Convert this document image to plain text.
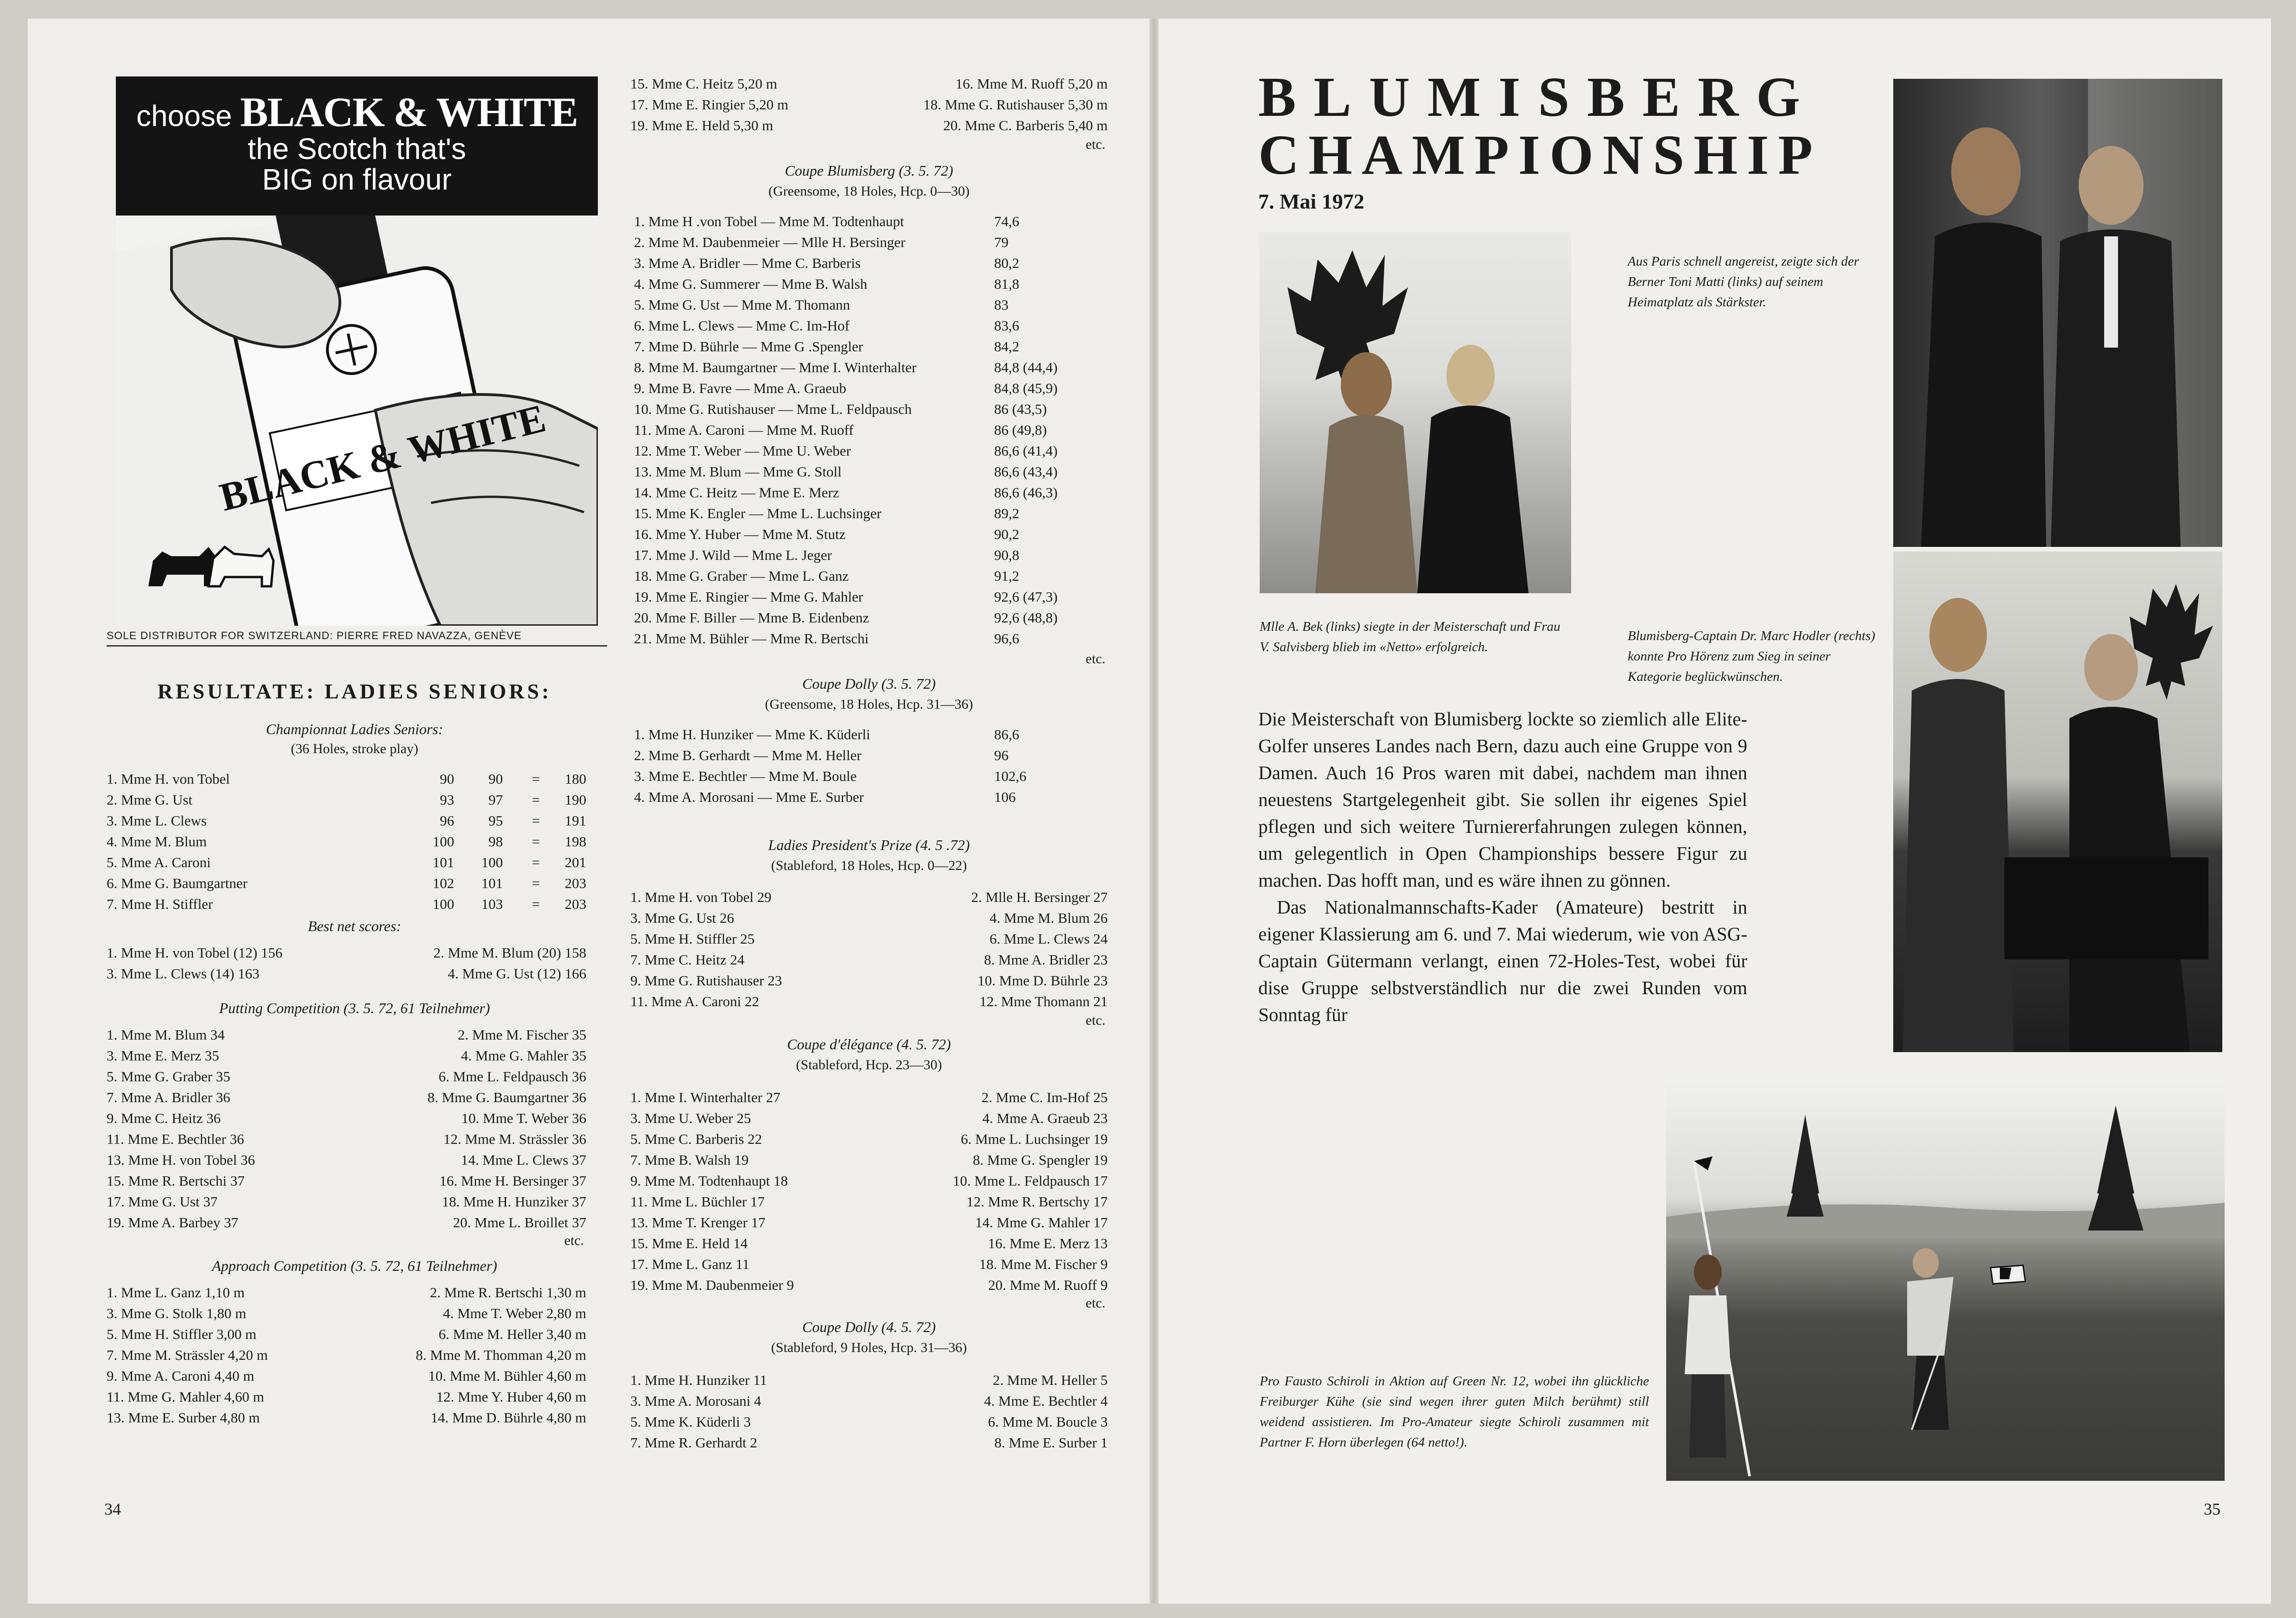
choose BLACK & WHITE
the Scotch that's
BIG on flavour
BLACK & WHITE
SOLE DISTRIBUTOR FOR SWITZERLAND: PIERRE FRED NAVAZZA, GENÈVE
RESULTATE: LADIES SENIORS:
Championnat Ladies Seniors:
(36 Holes, stroke play)
1. Mme H. von Tobel	90 90 = 180
2. Mme G. Ust	93 97 = 190
3. Mme L. Clews	96 95 = 191
4. Mme M. Blum	100 98 = 198
5. Mme A. Caroni	101 100 = 201
6. Mme G. Baumgartner	102 101 = 203
7. Mme H. Stiffler	100 103 = 203
Best net scores:
1. Mme H. von Tobel (12) 156	2. Mme M. Blum (20) 158
3. Mme L. Clews (14) 163	4. Mme G. Ust (12) 166
Putting Competition (3. 5. 72, 61 Teilnehmer)
1. Mme M. Blum 34	2. Mme M. Fischer 35
3. Mme E. Merz 35	4. Mme G. Mahler 35
5. Mme G. Graber 35	6. Mme L. Feldpausch 36
7. Mme A. Bridler 36	8. Mme G. Baumgartner 36
9. Mme C. Heitz 36	10. Mme T. Weber 36
11. Mme E. Bechtler 36	12. Mme M. Strässler 36
13. Mme H. von Tobel 36	14. Mme L. Clews 37
15. Mme R. Bertschi 37	16. Mme H. Bersinger 37
17. Mme G. Ust 37	18. Mme H. Hunziker 37
19. Mme A. Barbey 37	20. Mme L. Broillet 37
etc.
Approach Competition (3. 5. 72, 61 Teilnehmer)
1. Mme L. Ganz 1,10 m	2. Mme R. Bertschi 1,30 m
3. Mme G. Stolk 1,80 m	4. Mme T. Weber 2,80 m
5. Mme H. Stiffler 3,00 m	6. Mme M. Heller 3,40 m
7. Mme M. Strässler 4,20 m	8. Mme M. Thomman 4,20 m
9. Mme A. Caroni 4,40 m	10. Mme M. Bühler 4,60 m
11. Mme G. Mahler 4,60 m	12. Mme Y. Huber 4,60 m
13. Mme E. Surber 4,80 m	14. Mme D. Bührle 4,80 m
15. Mme C. Heitz 5,20 m	16. Mme M. Ruoff 5,20 m
17. Mme E. Ringier 5,20 m	18. Mme G. Rutishauser 5,30 m
19. Mme E. Held 5,30 m	20. Mme C. Barberis 5,40 m
etc.
Coupe Blumisberg (3. 5. 72)
(Greensome, 18 Holes, Hcp. 0—30)
1. Mme H .von Tobel — Mme M. Todtenhaupt	74,6
2. Mme M. Daubenmeier — Mlle H. Bersinger	79
3. Mme A. Bridler — Mme C. Barberis	80,2
4. Mme G. Summerer — Mme B. Walsh	81,8
5. Mme G. Ust — Mme M. Thomann	83
6. Mme L. Clews — Mme C. Im-Hof	83,6
7. Mme D. Bührle — Mme G .Spengler	84,2
8. Mme M. Baumgartner — Mme I. Winterhalter	84,8 (44,4)
9. Mme B. Favre — Mme A. Graeub	84,8 (45,9)
10. Mme G. Rutishauser — Mme L. Feldpausch	86 (43,5)
11. Mme A. Caroni — Mme M. Ruoff	86 (49,8)
12. Mme T. Weber — Mme U. Weber	86,6 (41,4)
13. Mme M. Blum — Mme G. Stoll	86,6 (43,4)
14. Mme C. Heitz — Mme E. Merz	86,6 (46,3)
15. Mme K. Engler — Mme L. Luchsinger	89,2
16. Mme Y. Huber — Mme M. Stutz	90,2
17. Mme J. Wild — Mme L. Jeger	90,8
18. Mme G. Graber — Mme L. Ganz	91,2
19. Mme E. Ringier — Mme G. Mahler	92,6 (47,3)
20. Mme F. Biller — Mme B. Eidenbenz	92,6 (48,8)
21. Mme M. Bühler — Mme R. Bertschi	96,6
etc.
Coupe Dolly (3. 5. 72)
(Greensome, 18 Holes, Hcp. 31—36)
1. Mme H. Hunziker — Mme K. Küderli	86,6
2. Mme B. Gerhardt — Mme M. Heller	96
3. Mme E. Bechtler — Mme M. Boule	102,6
4. Mme A. Morosani — Mme E. Surber	106
Ladies President's Prize (4. 5 .72)
(Stableford, 18 Holes, Hcp. 0—22)
1. Mme H. von Tobel 29	2. Mlle H. Bersinger 27
3. Mme G. Ust 26	4. Mme M. Blum 26
5. Mme H. Stiffler 25	6. Mme L. Clews 24
7. Mme C. Heitz 24	8. Mme A. Bridler 23
9. Mme G. Rutishauser 23	10. Mme D. Bührle 23
11. Mme A. Caroni 22	12. Mme Thomann 21
etc.
Coupe d'élégance (4. 5. 72)
(Stableford, Hcp. 23—30)
1. Mme I. Winterhalter 27	2. Mme C. Im-Hof 25
3. Mme U. Weber 25	4. Mme A. Graeub 23
5. Mme C. Barberis 22	6. Mme L. Luchsinger 19
7. Mme B. Walsh 19	8. Mme G. Spengler 19
9. Mme M. Todtenhaupt 18	10. Mme L. Feldpausch 17
11. Mme L. Büchler 17	12. Mme R. Bertschy 17
13. Mme T. Krenger 17	14. Mme G. Mahler 17
15. Mme E. Held 14	16. Mme E. Merz 13
17. Mme L. Ganz 11	18. Mme M. Fischer 9
19. Mme M. Daubenmeier 9	20. Mme M. Ruoff 9
etc.
Coupe Dolly (4. 5. 72)
(Stableford, 9 Holes, Hcp. 31—36)
1. Mme H. Hunziker 11	2. Mme M. Heller 5
3. Mme A. Morosani 4	4. Mme E. Bechtler 4
5. Mme K. Küderli 3	6. Mme M. Boucle 3
7. Mme R. Gerhardt 2	8. Mme E. Surber 1
34
BLUMISBERG
CHAMPIONSHIP
7. Mai 1972
Mlle A. Bek (links) siegte in der Meisterschaft und Frau V. Salvisberg blieb im «Netto» erfolgreich.
Aus Paris schnell angereist, zeigte sich der Berner Toni Matti (links) auf seinem Heimatplatz als Stärkster.
Blumisberg-Captain Dr. Marc Hodler (rechts) konnte Pro Hörenz zum Sieg in seiner Kategorie beglückwünschen.

Die Meisterschaft von Blumisberg lockte so ziemlich alle Elite-Golfer unseres Landes nach Bern, dazu auch eine Gruppe von 9 Damen. Auch 16 Pros waren mit dabei, nachdem man ihnen neuestens Startgelegenheit gibt. Sie sollen ihr eigenes Spiel pflegen und sich weitere Turniererfahrungen zulegen können, um gelegentlich in Open Championships bessere Figur zu machen. Das hofft man, und es wäre ihnen zu gönnen.

Das Nationalmannschafts-Kader (Amateure) bestritt in eigener Klassierung am 6. und 7. Mai wiederum, wie von ASG-Captain Gütermann verlangt, einen 72-Holes-Test, wobei für dise Gruppe selbstverständlich nur die zwei Runden vom Sonntag für

Pro Fausto Schiroli in Aktion auf Green Nr. 12, wobei ihn glückliche Freiburger Kühe (sie sind wegen ihrer guten Milch berühmt) still weidend assistieren. Im Pro-Amateur siegte Schiroli zusammen mit Partner F. Horn überlegen (64 netto!).
35
